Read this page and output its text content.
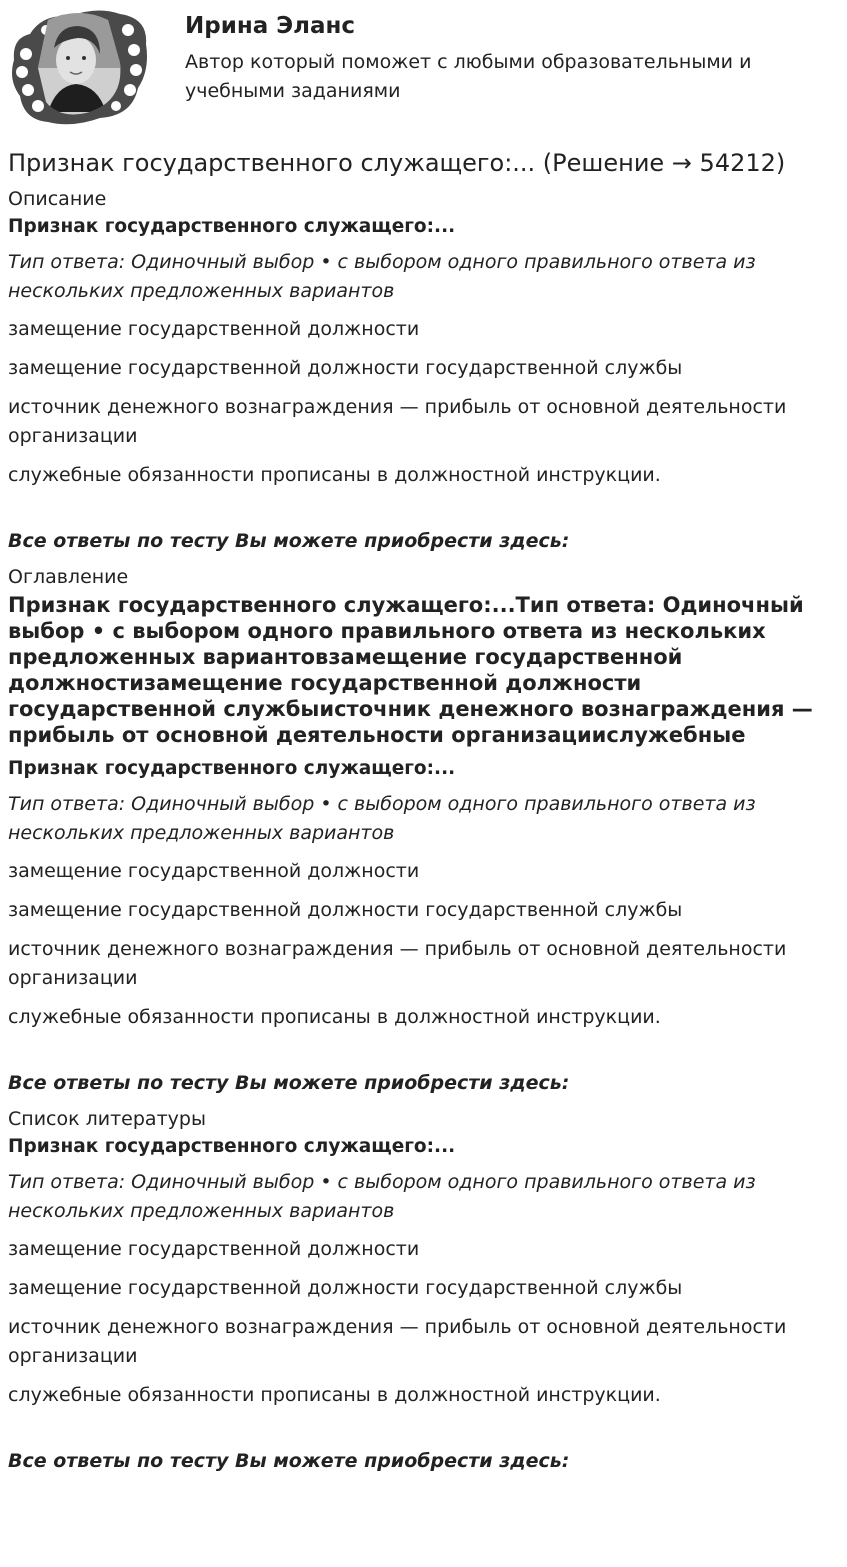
Ирина Эланс

Автор который поможет с любыми образовательными и учебными заданиями

Признак государственного служащего:... (Решение → 54212)

Описание

Признак государственного служащего:...

Тип ответа: Одиночный выбор • с выбором одного правильного ответа из нескольких предложенных вариантов

замещение государственной должности

замещение государственной должности государственной службы

источник денежного вознаграждения — прибыль от основной деятельности организации

служебные обязанности прописаны в должностной инструкции.

Все ответы по тесту Вы можете приобрести здесь:

Оглавление

Признак государственного служащего:...Тип ответа: Одиночный выбор • с выбором одного правильного ответа из нескольких предложенных вариантовзамещение государственной должностизамещение государственной должности государственной службыисточник денежного вознаграждения — прибыль от основной деятельности организациислужебные

Признак государственного служащего:...

Тип ответа: Одиночный выбор • с выбором одного правильного ответа из нескольких предложенных вариантов

замещение государственной должности

замещение государственной должности государственной службы

источник денежного вознаграждения — прибыль от основной деятельности организации

служебные обязанности прописаны в должностной инструкции.

Все ответы по тесту Вы можете приобрести здесь:

Список литературы

Признак государственного служащего:...

Тип ответа: Одиночный выбор • с выбором одного правильного ответа из нескольких предложенных вариантов

замещение государственной должности

замещение государственной должности государственной службы

источник денежного вознаграждения — прибыль от основной деятельности организации

служебные обязанности прописаны в должностной инструкции.

Все ответы по тесту Вы можете приобрести здесь:
